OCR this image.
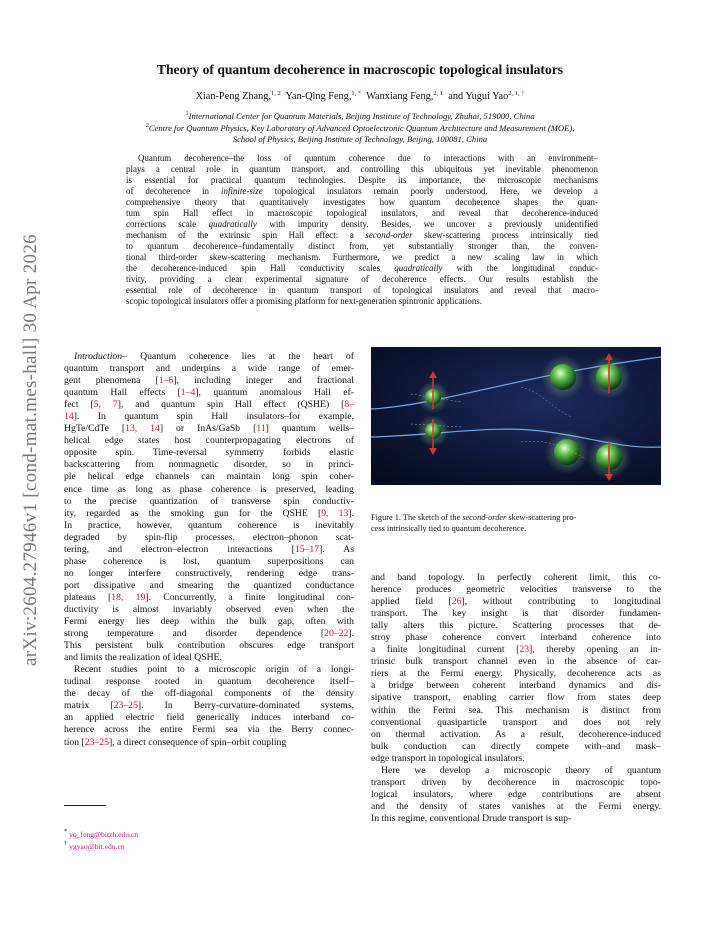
arXiv:2604.27946v1 [cond-mat.mes-hall] 30 Apr 2026
Theory of quantum decoherence in macroscopic topological insulators
Xian-Peng Zhang,$^{1, 2}$ Yan-Qing Feng,$^{1, *}$ Wanxiang Feng,$^{2, 1}$ and Yugui Yao$^{2, 1, \dagger}$
$^1$International Center for Quantum Materials, Beijing Institute of Technology, Zhuhai, 519000, China
$^2$Centre for Quantum Physics, Key Laboratory of Advanced Optoelectronic Quantum Architecture and Measurement (MOE),
School of Physics, Beijing Institute of Technology, Beijing, 100081, China
Quantum decoherence–the loss of quantum coherence due to interactions with an environment–
plays a central role in quantum transport, and controlling this ubiquitous yet inevitable phenomenon
is essential for practical quantum technologies. Despite its importance, the microscopic mechanisms
of decoherence in infinite-size topological insulators remain poorly understood. Here, we develop a
comprehensive theory that quantitatively investigates how quantum decoherence shapes the quan-
tum spin Hall effect in macroscopic topological insulators, and reveal that decoherence-induced
corrections scale quadratically with impurity density. Besides, we uncover a previously unidentified
mechanism of the extrinsic spin Hall effect: a second-order skew-scattering process intrinsically tied
to quantum decoherence–fundamentally distinct from, yet substantially stronger than, the conven-
tional third-order skew-scattering mechanism. Furthermore, we predict a new scaling law in which
the decoherence-induced spin Hall conductivity scales quadratically with the longitudinal conduc-
tivity, providing a clear experimental signature of decoherence effects. Our results establish the
essential role of decoherence in quantum transport of topological insulators and reveal that macro-
scopic topological insulators offer a promising platform for next-generation spintronic applications.
Introduction– Quantum coherence lies at the heart of
quantum transport and underpins a wide range of emer-
gent phenomena [1–6], including integer and fractional
quantum Hall effects [1–4], quantum anomalous Hall ef-
fect [5, 7], and quantum spin Hall effect (QSHE) [8–
14]. In quantum spin Hall insulators–for example,
HgTe/CdTe [13, 14] or InAs/GaSb [11] quantum wells–
helical edge states host counterpropagating electrons of
opposite spin. Time-reversal symmetry forbids elastic
backscattering from nonmagnetic disorder, so in princi-
ple helical edge channels can maintain long spin coher-
ence time as long as phase coherence is preserved, leading
to the precise quantization of transverse spin conductiv-
ity, regarded as the smoking gun for the QSHE [9, 13].
In practice, however, quantum coherence is inevitably
degraded by spin-flip processes, electron–phonon scat-
tering, and electron–electron interactions [15–17]. As
phase coherence is lost, quantum superpositions can
no longer interfere constructively, rendering edge trans-
port dissipative and smearing the quantized conductance
plateaus [18, 19]. Concurrently, a finite longitudinal con-
ductivity is almost invariably observed even when the
Fermi energy lies deep within the bulk gap, often with
strong temperature and disorder dependence [20–22].
This persistent bulk contribution obscures edge transport
and limits the realization of ideal QSHE.
Recent studies point to a microscopic origin of a longi-
tudinal response rooted in quantum decoherence itself–
the decay of the off-diagonal components of the density
matrix [23–25]. In Berry-curvature-dominated systems,
an applied electric field generically induces interband co-
herence across the entire Fermi sea via the Berry connec-
tion [23–25], a direct consequence of spin–orbit coupling
Figure 1. The sketch of the second-order skew-scattering pro-
cess intrinsically tied to quantum decoherence.
and band topology. In perfectly coherent limit, this co-
herence produces geometric velocities transverse to the
applied field [26], without contributing to longitudinal
transport. The key insight is that disorder fundamen-
tally alters this picture. Scattering processes that de-
stroy phase coherence convert interband coherence into
a finite longitudinal current [23], thereby opening an in-
trinsic bulk transport channel even in the absence of car-
riers at the Fermi energy. Physically, decoherence acts as
a bridge between coherent interband dynamics and dis-
sipative transport, enabling carrier flow from states deep
within the Fermi sea. This mechanism is distinct from
conventional quasiparticle transport and does not rely
on thermal activation. As a result, decoherence-induced
bulk conduction can directly compete with–and mask–
edge transport in topological insulators.
Here we develop a microscopic theory of quantum
transport driven by decoherence in macroscopic topo-
logical insulators, where edge contributions are absent
and the density of states vanishes at the Fermi energy.
In this regime, conventional Drude transport is sup-
* yq_feng@bitzh.edu.cn
† ygyao@bit.edu.cn
